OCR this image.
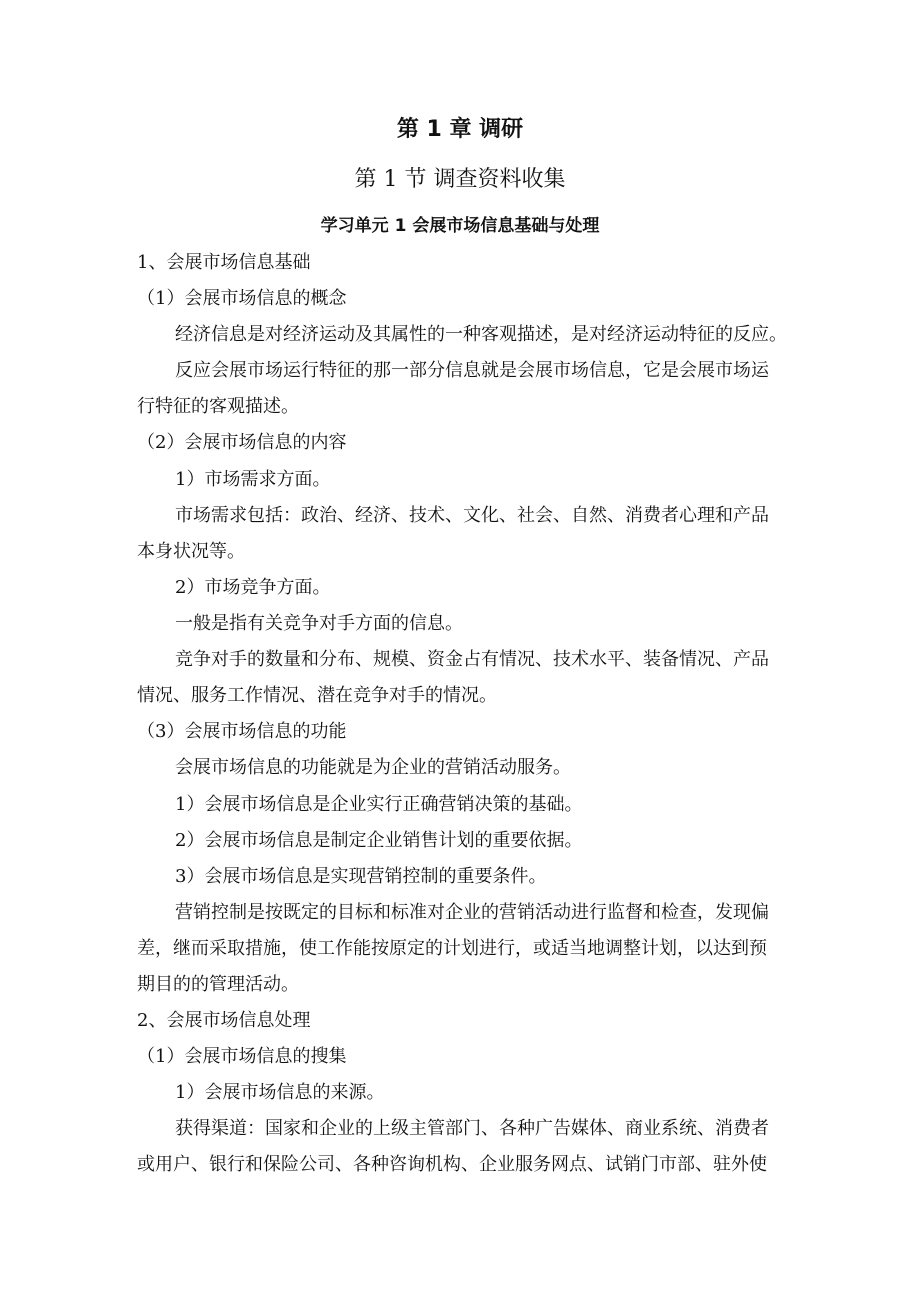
第 1 章 调研
第 1 节 调查资料收集
学习单元 1 会展市场信息基础与处理
1、会展市场信息基础
（1）会展市场信息的概念
经济信息是对经济运动及其属性的一种客观描述，是对经济运动特征的反应。
反应会展市场运行特征的那一部分信息就是会展市场信息，它是会展市场运
行特征的客观描述。
（2）会展市场信息的内容
1）市场需求方面。
市场需求包括：政治、经济、技术、文化、社会、自然、消费者心理和产品
本身状况等。
2）市场竞争方面。
一般是指有关竞争对手方面的信息。
竞争对手的数量和分布、规模、资金占有情况、技术水平、装备情况、产品
情况、服务工作情况、潜在竞争对手的情况。
（3）会展市场信息的功能
会展市场信息的功能就是为企业的营销活动服务。
1）会展市场信息是企业实行正确营销决策的基础。
2）会展市场信息是制定企业销售计划的重要依据。
3）会展市场信息是实现营销控制的重要条件。
营销控制是按既定的目标和标准对企业的营销活动进行监督和检查，发现偏
差，继而采取措施，使工作能按原定的计划进行，或适当地调整计划，以达到预
期目的的管理活动。
2、会展市场信息处理
（1）会展市场信息的搜集
1）会展市场信息的来源。
获得渠道：国家和企业的上级主管部门、各种广告媒体、商业系统、消费者
或用户、银行和保险公司、各种咨询机构、企业服务网点、试销门市部、驻外使
